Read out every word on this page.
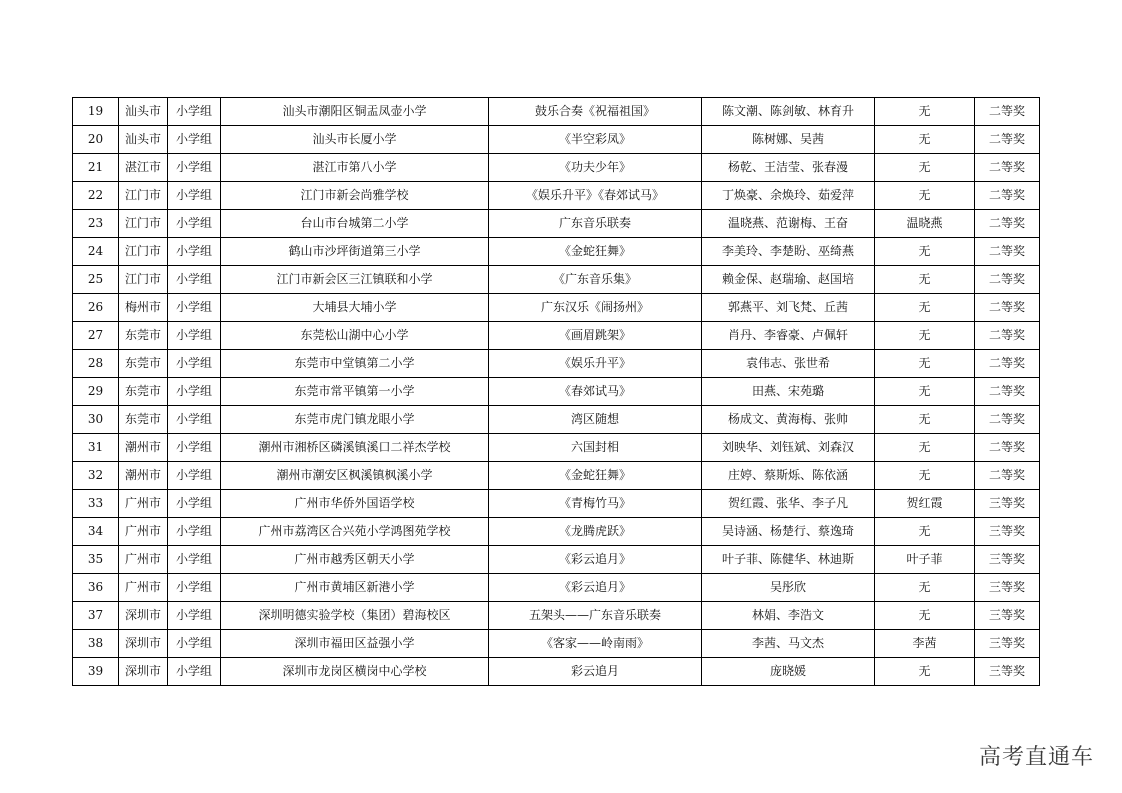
19	汕头市	小学组	汕头市潮阳区铜盂凤壶小学	鼓乐合奏《祝福祖国》	陈文潮、陈剑敏、林育升	无	二等奖
20	汕头市	小学组	汕头市长厦小学	《半空彩凤》	陈树娜、吴茜	无	二等奖
21	湛江市	小学组	湛江市第八小学	《功夫少年》	杨乾、王洁莹、张春漫	无	二等奖
22	江门市	小学组	江门市新会尚雅学校	《娱乐升平》《春郊试马》	丁焕豪、余焕玲、茹爱萍	无	二等奖
23	江门市	小学组	台山市台城第二小学	广东音乐联奏	温晓燕、范谢梅、王奋	温晓燕	二等奖
24	江门市	小学组	鹤山市沙坪街道第三小学	《金蛇狂舞》	李美玲、李楚盼、巫绮燕	无	二等奖
25	江门市	小学组	江门市新会区三江镇联和小学	《广东音乐集》	赖金保、赵瑞瑜、赵国培	无	二等奖
26	梅州市	小学组	大埔县大埔小学	广东汉乐《闹扬州》	郭燕平、刘飞梵、丘茜	无	二等奖
27	东莞市	小学组	东莞松山湖中心小学	《画眉跳架》	肖丹、李睿豪、卢佩轩	无	二等奖
28	东莞市	小学组	东莞市中堂镇第二小学	《娱乐升平》	袁伟志、张世希	无	二等奖
29	东莞市	小学组	东莞市常平镇第一小学	《春郊试马》	田燕、宋苑璐	无	二等奖
30	东莞市	小学组	东莞市虎门镇龙眼小学	湾区随想	杨成文、黄海梅、张帅	无	二等奖
31	潮州市	小学组	潮州市湘桥区磷溪镇溪口二祥杰学校	六国封相	刘映华、刘钰斌、刘森汉	无	二等奖
32	潮州市	小学组	潮州市潮安区枫溪镇枫溪小学	《金蛇狂舞》	庄婷、蔡斯烁、陈依涵	无	二等奖
33	广州市	小学组	广州市华侨外国语学校	《青梅竹马》	贺红霞、张华、李子凡	贺红霞	三等奖
34	广州市	小学组	广州市荔湾区合兴苑小学鸿图苑学校	《龙腾虎跃》	吴诗涵、杨楚行、蔡逸琦	无	三等奖
35	广州市	小学组	广州市越秀区朝天小学	《彩云追月》	叶子菲、陈健华、林迪斯	叶子菲	三等奖
36	广州市	小学组	广州市黄埔区新港小学	《彩云追月》	吴彤欣	无	三等奖
37	深圳市	小学组	深圳明德实验学校（集团）碧海校区	五架头——广东音乐联奏	林娟、李浩文	无	三等奖
38	深圳市	小学组	深圳市福田区益强小学	《客家——岭南雨》	李茜、马文杰	李茜	三等奖
39	深圳市	小学组	深圳市龙岗区横岗中心学校	彩云追月	庞晓媛	无	三等奖
高考直通车
